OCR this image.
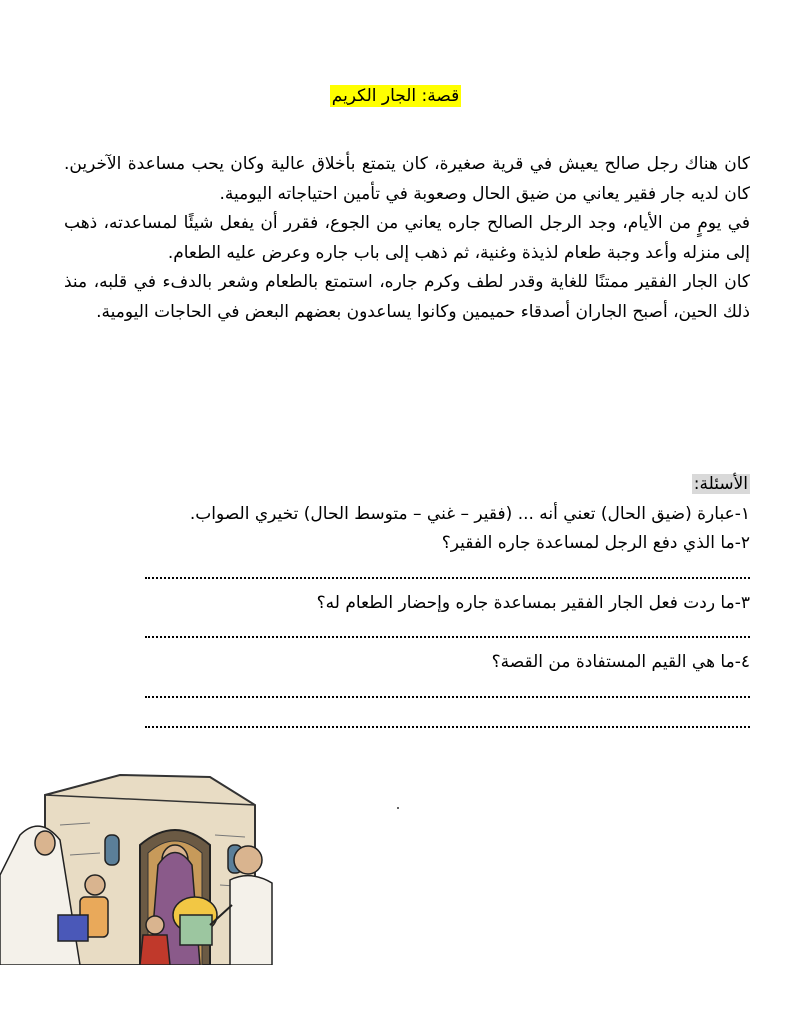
قصة: الجار الكريم

كان هناك رجل صالح يعيش في قرية صغيرة، كان يتمتع بأخلاق عالية وكان يحب مساعدة الآخرين. كان لديه جار فقير يعاني من ضيق الحال وصعوبة في تأمين احتياجاته اليومية.

في يومٍ من الأيام، وجد الرجل الصالح جاره يعاني من الجوع، فقرر أن يفعل شيئًا لمساعدته، ذهب إلى منزله وأعد وجبة طعام لذيذة وغنية، ثم ذهب إلى باب جاره وعرض عليه الطعام.

كان الجار الفقير ممتنًا للغاية وقدر لطف وكرم جاره، استمتع بالطعام وشعر بالدفء في قلبه، منذ ذلك الحين، أصبح الجاران أصدقاء حميمين وكانوا يساعدون بعضهم البعض في الحاجات اليومية.

الأسئلة:

١-عبارة (ضيق الحال) تعني أنه ... (فقير – غني – متوسط الحال) تخيري الصواب.

٢-ما الذي دفع الرجل لمساعدة جاره الفقير؟

٣-ما ردت فعل الجار الفقير بمساعدة جاره وإحضار الطعام له؟

٤-ما هي القيم المستفادة من القصة؟
